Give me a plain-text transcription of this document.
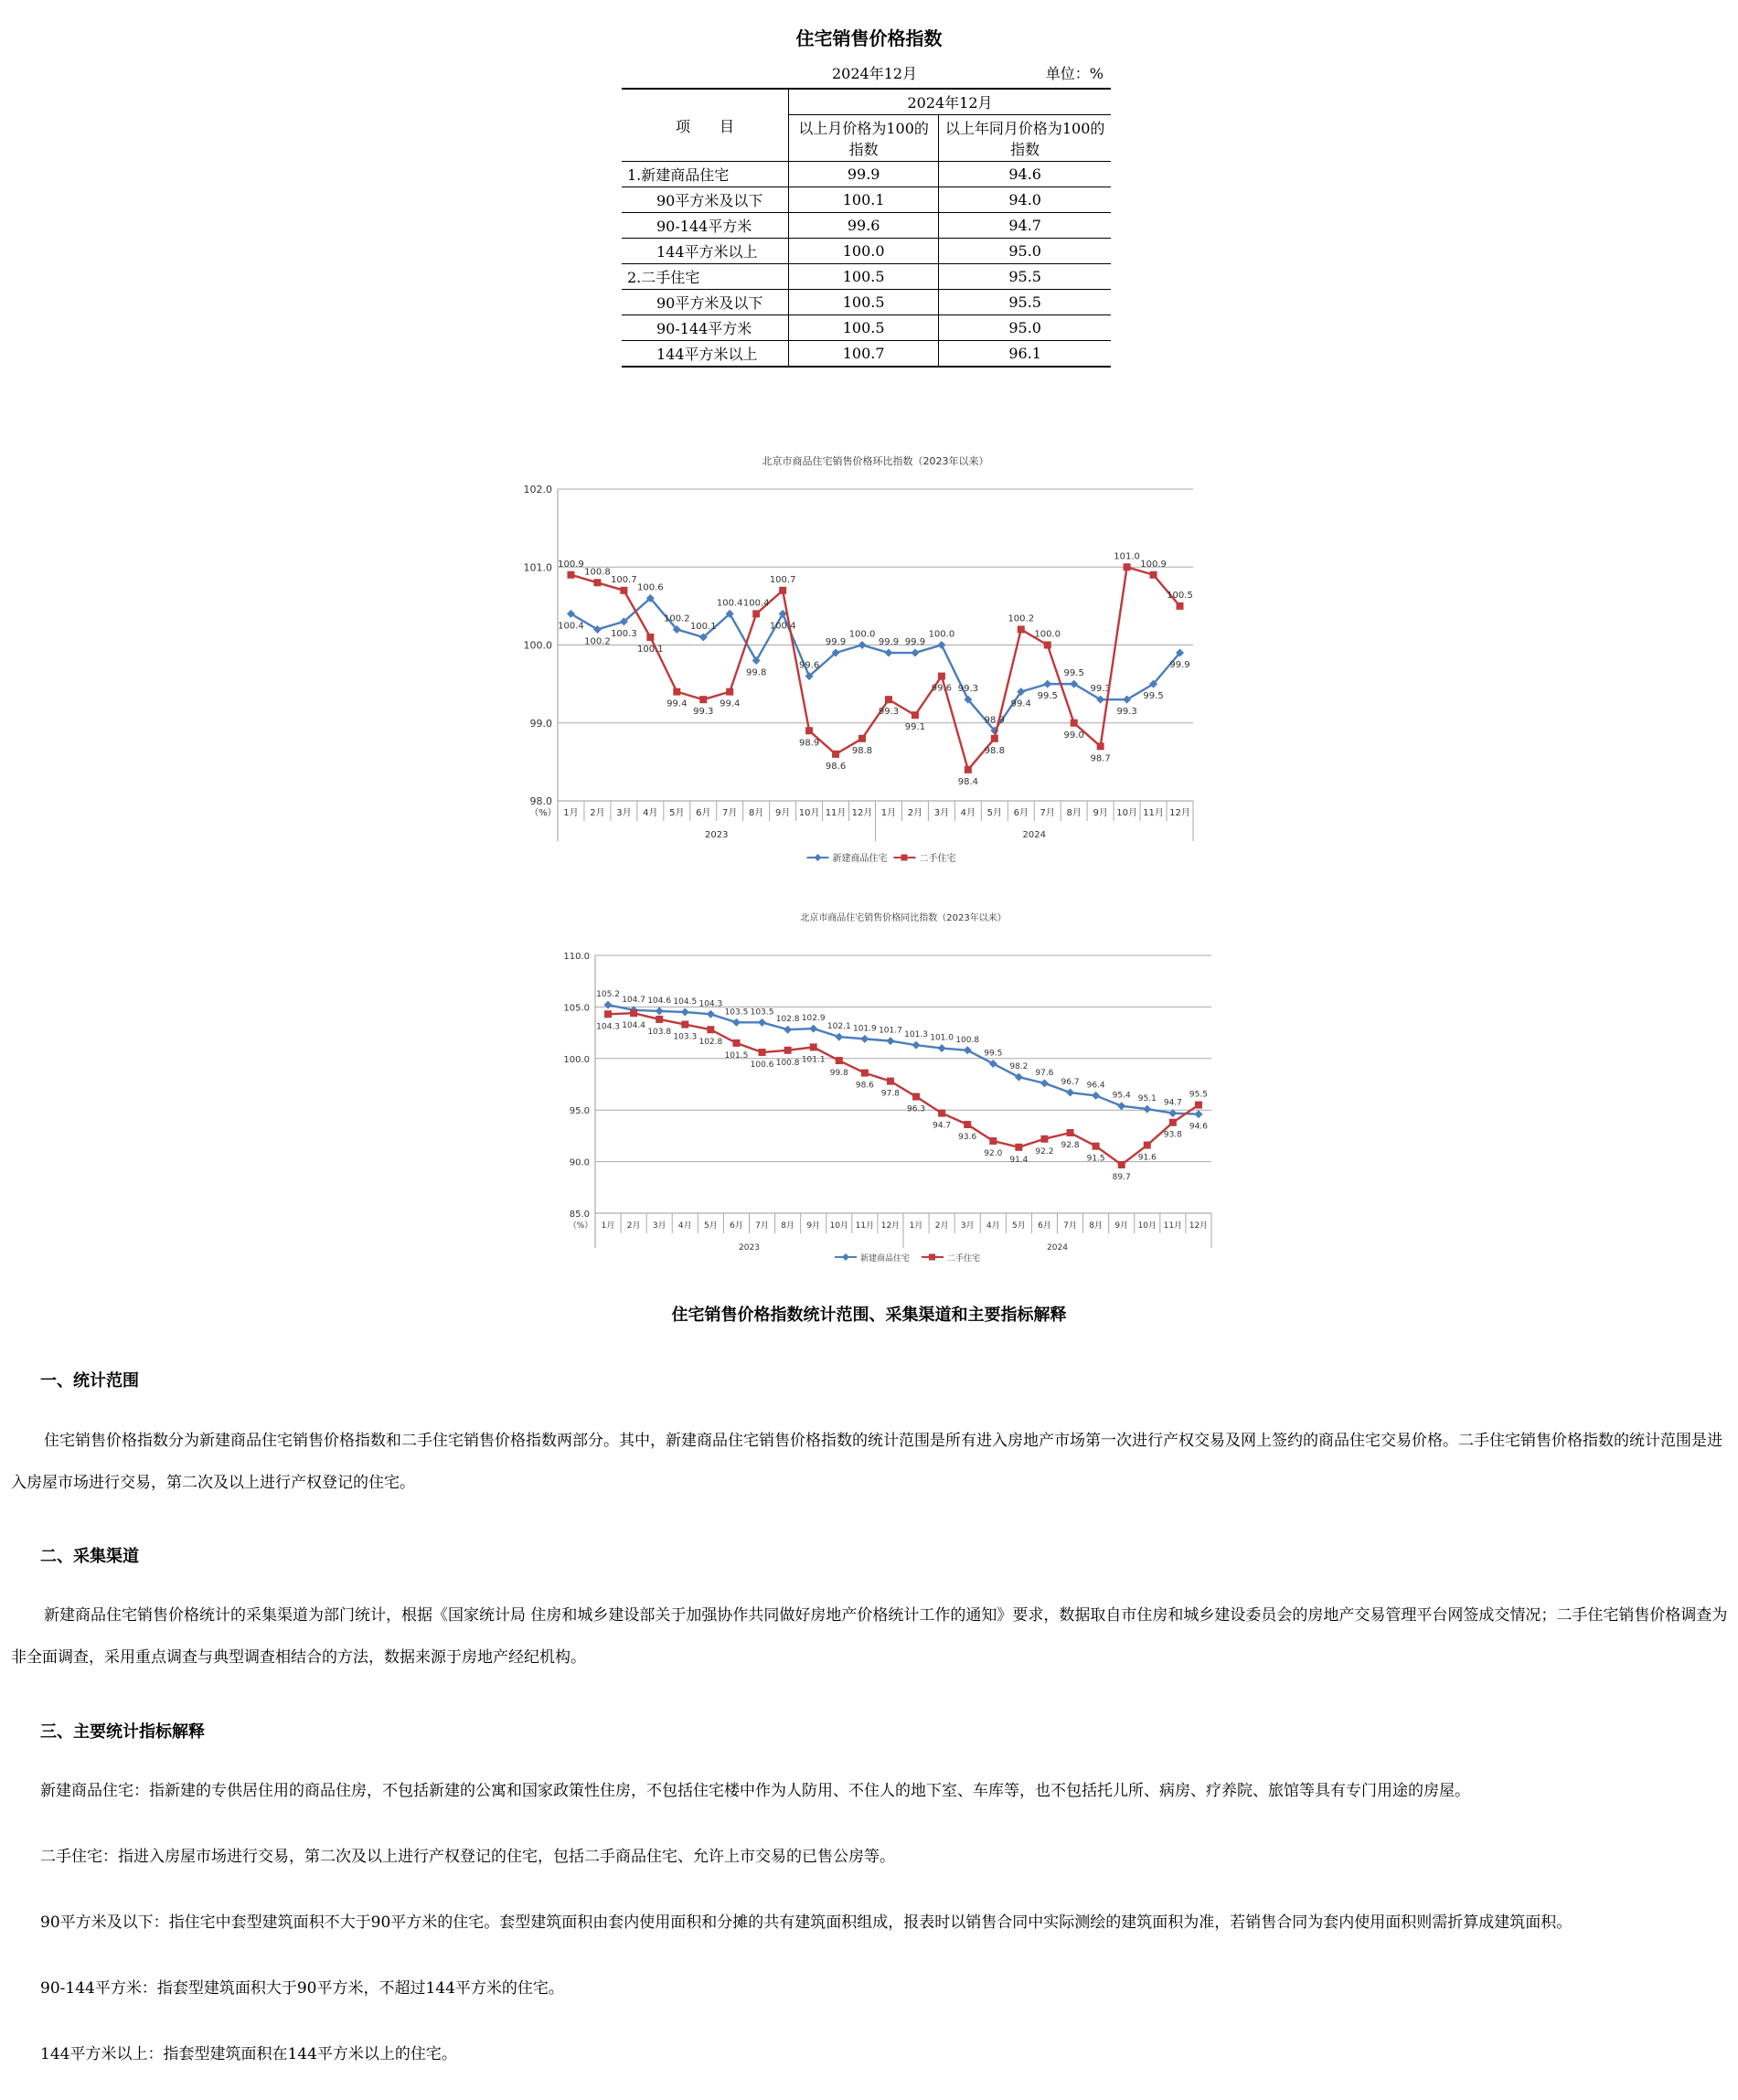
住宅销售价格指数
2024年12月	单位：%
项　　目	2024年12月	
	以上月价格为100的指数	以上年同月价格为100的指数
1.新建商品住宅	99.9	94.6
90平方米及以下	100.1	94.0
90-144平方米	99.6	94.7
144平方米以上	100.0	95.0
2.二手住宅	100.5	95.5
90平方米及以下	100.5	95.5
90-144平方米	100.5	95.0
144平方米以上	100.7	96.1
北京市商品住宅销售价格环比指数（2023年以来）
98.0
99.0
100.0
101.0
102.0
（%） 1月 2月 3月 4月 5月 6月 7月 8月 9月 10月 11月 12月 1月 2月 3月 4月 5月 6月 7月 8月 9月 10月 11月 12月
2023	2024
100.4
100.2
100.3
100.6
100.2
100.1
100.4
99.8
100.4
99.6
99.9
100.0
99.9 99.9
100.0
99.3
98.9
99.4
99.5
99.5
99.3
99.3
99.5
99.9
100.9
100.8
100.7
100.1
99.4
99.3
99.4
100.4
100.7
98.9
98.6
98.8
99.3
99.1
99.6
98.4
98.8
100.2
100.0
99.0
98.7
101.0
100.9
100.5
新建商品住宅	二手住宅
北京市商品住宅销售价格同比指数（2023年以来）
85.0
90.0
95.0
100.0
105.0
110.0
（%） 1月 2月 3月 4月 5月 6月 7月 8月 9月 10月 11月 12月 1月 2月 3月 4月 5月 6月 7月 8月 9月 10月 11月 12月
2023	2024
105.2
104.7 104.6 104.5 104.3
103.5 103.5
102.8 102.9
102.1 101.9 101.7 101.3 101.0 100.8
99.5
98.2
97.6
96.7 96.4
95.4 95.1 94.7
94.6
104.3 104.4
103.8
103.3
102.8
101.5
100.6 100.8 101.1
99.8
98.6
97.8
96.3
94.7
93.6
92.0
91.4
92.2
92.8
91.5
89.7
91.6
93.8
95.5
新建商品住宅	二手住宅
住宅销售价格指数统计范围、采集渠道和主要指标解释
一、统计范围
住宅销售价格指数分为新建商品住宅销售价格指数和二手住宅销售价格指数两部分。其中，新建商品住宅销售价格指数的统计范围是所有进入房地产市场第一次进行产权交易及网上签约的商品住宅交易价格。二手住宅销售价格指数的统计范围是进入房屋市场进行交易，第二次及以上进行产权登记的住宅。
二、采集渠道
新建商品住宅销售价格统计的采集渠道为部门统计，根据《国家统计局 住房和城乡建设部关于加强协作共同做好房地产价格统计工作的通知》要求，数据取自市住房和城乡建设委员会的房地产交易管理平台网签成交情况；二手住宅销售价格调查为非全面调查，采用重点调查与典型调查相结合的方法，数据来源于房地产经纪机构。
三、主要统计指标解释
新建商品住宅：指新建的专供居住用的商品住房，不包括新建的公寓和国家政策性住房，不包括住宅楼中作为人防用、不住人的地下室、车库等，也不包括托儿所、病房、疗养院、旅馆等具有专门用途的房屋。
二手住宅：指进入房屋市场进行交易，第二次及以上进行产权登记的住宅，包括二手商品住宅、允许上市交易的已售公房等。
90平方米及以下：指住宅中套型建筑面积不大于90平方米的住宅。套型建筑面积由套内使用面积和分摊的共有建筑面积组成，报表时以销售合同中实际测绘的建筑面积为准，若销售合同为套内使用面积则需折算成建筑面积。
90-144平方米：指套型建筑面积大于90平方米，不超过144平方米的住宅。
144平方米以上：指套型建筑面积在144平方米以上的住宅。
